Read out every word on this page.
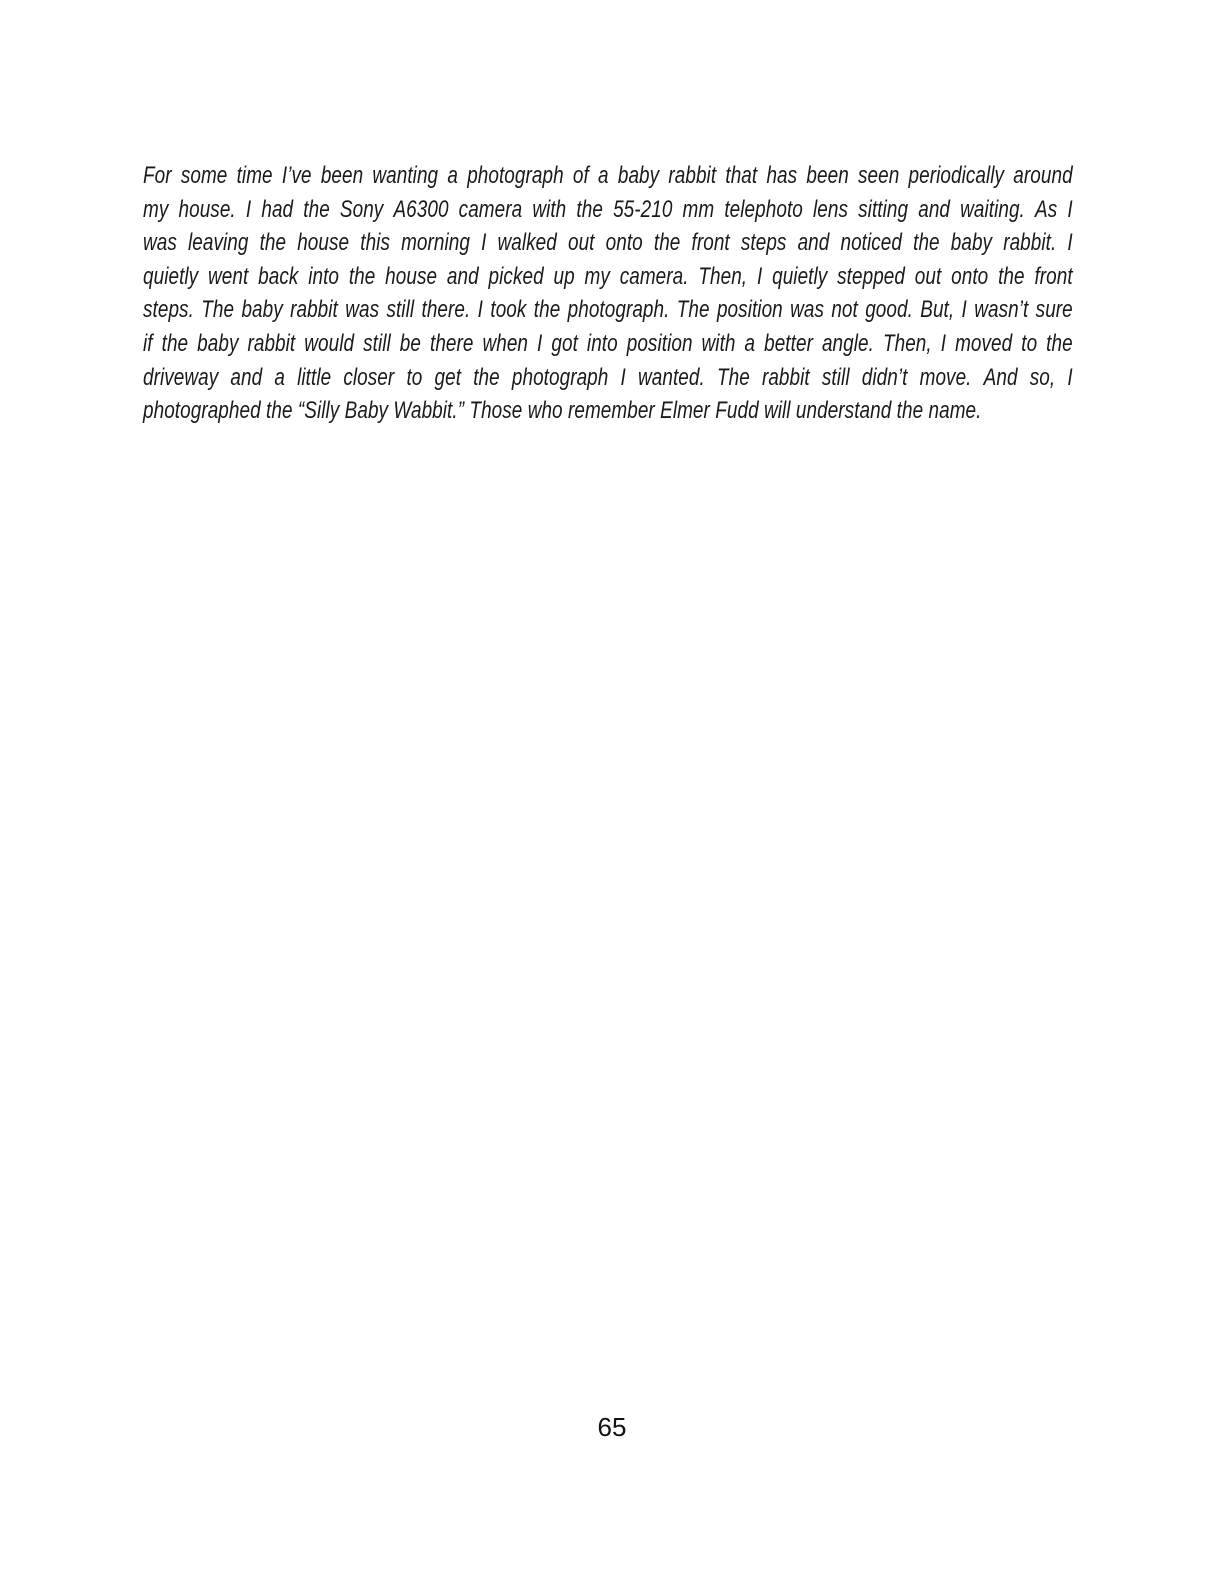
For some time I’ve been wanting a photograph of a baby rabbit that has been seen periodically around
my house. I had the Sony A6300 camera with the 55-210 mm telephoto lens sitting and waiting. As I
was leaving the house this morning I walked out onto the front steps and noticed the baby rabbit. I
quietly went back into the house and picked up my camera. Then, I quietly stepped out onto the front
steps. The baby rabbit was still there. I took the photograph. The position was not good. But, I wasn’t sure
if the baby rabbit would still be there when I got into position with a better angle. Then, I moved to the
driveway and a little closer to get the photograph I wanted. The rabbit still didn’t move. And so, I
photographed the “Silly Baby Wabbit.” Those who remember Elmer Fudd will understand the name.
65
